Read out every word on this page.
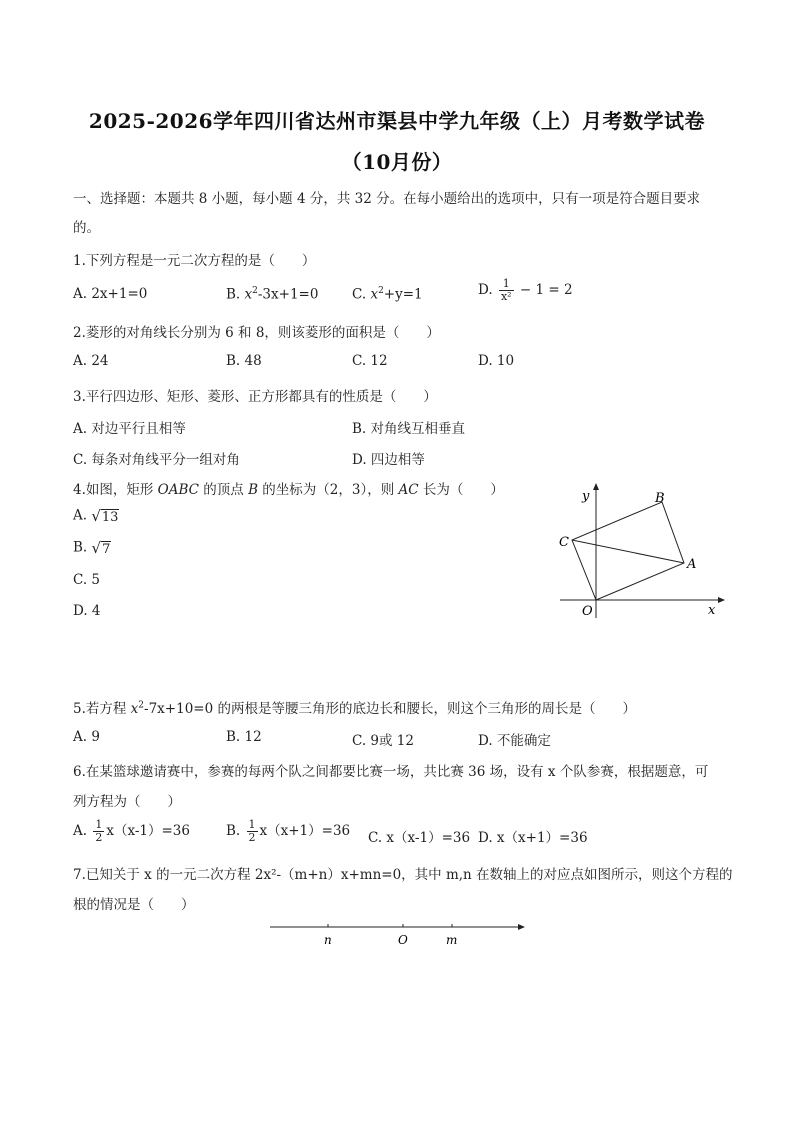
2025-2026学年四川省达州市渠县中学九年级（上）月考数学试卷
（10月份）
一、选择题：本题共 8 小题，每小题 4 分，共 32 分。在每小题给出的选项中，只有一项是符合题目要求
的。
1.下列方程是一元二次方程的是（　　）
A. 2x+1=0	B. $x^2-3x+1=0$ C. $x^2+y=1$	D. $\frac{1}{\text{x²}} - 1 = 2$
2.菱形的对角线长分别为 6 和 8，则该菱形的面积是（　　）
A. 24	B. 48	C. 12	D. 10
3.平行四边形、矩形、菱形、正方形都具有的性质是（　　）
A. 对边平行且相等	B. 对角线互相垂直
C. 每条对角线平分一组对角	D. 四边相等
4.如图，矩形 OABC 的顶点 B 的坐标为（2，3），则 AC 长为（　　）
A. √13
B. √7
C. 5
D. 4
y
x
B
C
A
O
5.若方程 $x^2-7x+10=0$ 的两根是等腰三角形的底边长和腰长，则这个三角形的周长是（　　）
A. 9	B. 12	C. 9或 12	D. 不能确定
6.在某篮球邀请赛中，参赛的每两个队之间都要比赛一场，共比赛 36 场，设有 x 个队参赛，根据题意，可
列方程为（　　）
A. $\frac{1}{2} x(x-1)=36$	B. $\frac{1}{2} x(x+1)=36$ C. x（x-1）=36 D. x（x+1）=36
7.已知关于 x 的一元二次方程 2x²-（m+n）x+mn=0，其中 m,n 在数轴上的对应点如图所示，则这个方程的
根的情况是（　　）
n	O	m
